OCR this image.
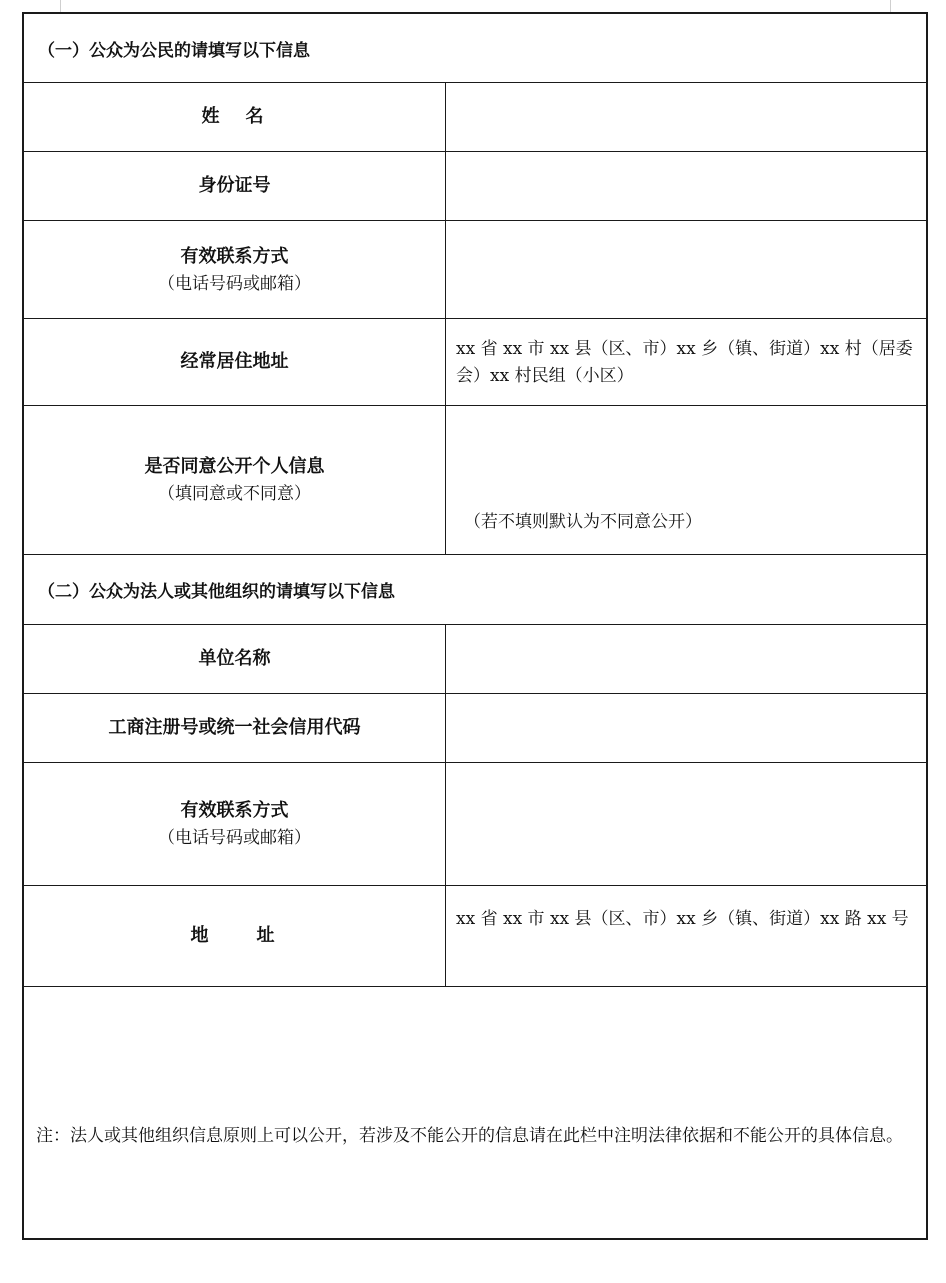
（一）公众为公民的请填写以下信息
姓　名
身份证号
有效联系方式
（电话号码或邮箱）
经常居住地址
xx 省 xx 市 xx 县（区、市）xx 乡（镇、街道）xx 村（居委会）xx 村民组（小区）
是否同意公开个人信息
（填同意或不同意）
（若不填则默认为不同意公开）
（二）公众为法人或其他组织的请填写以下信息
单位名称
工商注册号或统一社会信用代码
有效联系方式
（电话号码或邮箱）
地　　址
xx 省 xx 市 xx 县（区、市）xx 乡（镇、街道）xx 路 xx 号
注：法人或其他组织信息原则上可以公开，若涉及不能公开的信息请在此栏中注明法律依据和不能公开的具体信息。
